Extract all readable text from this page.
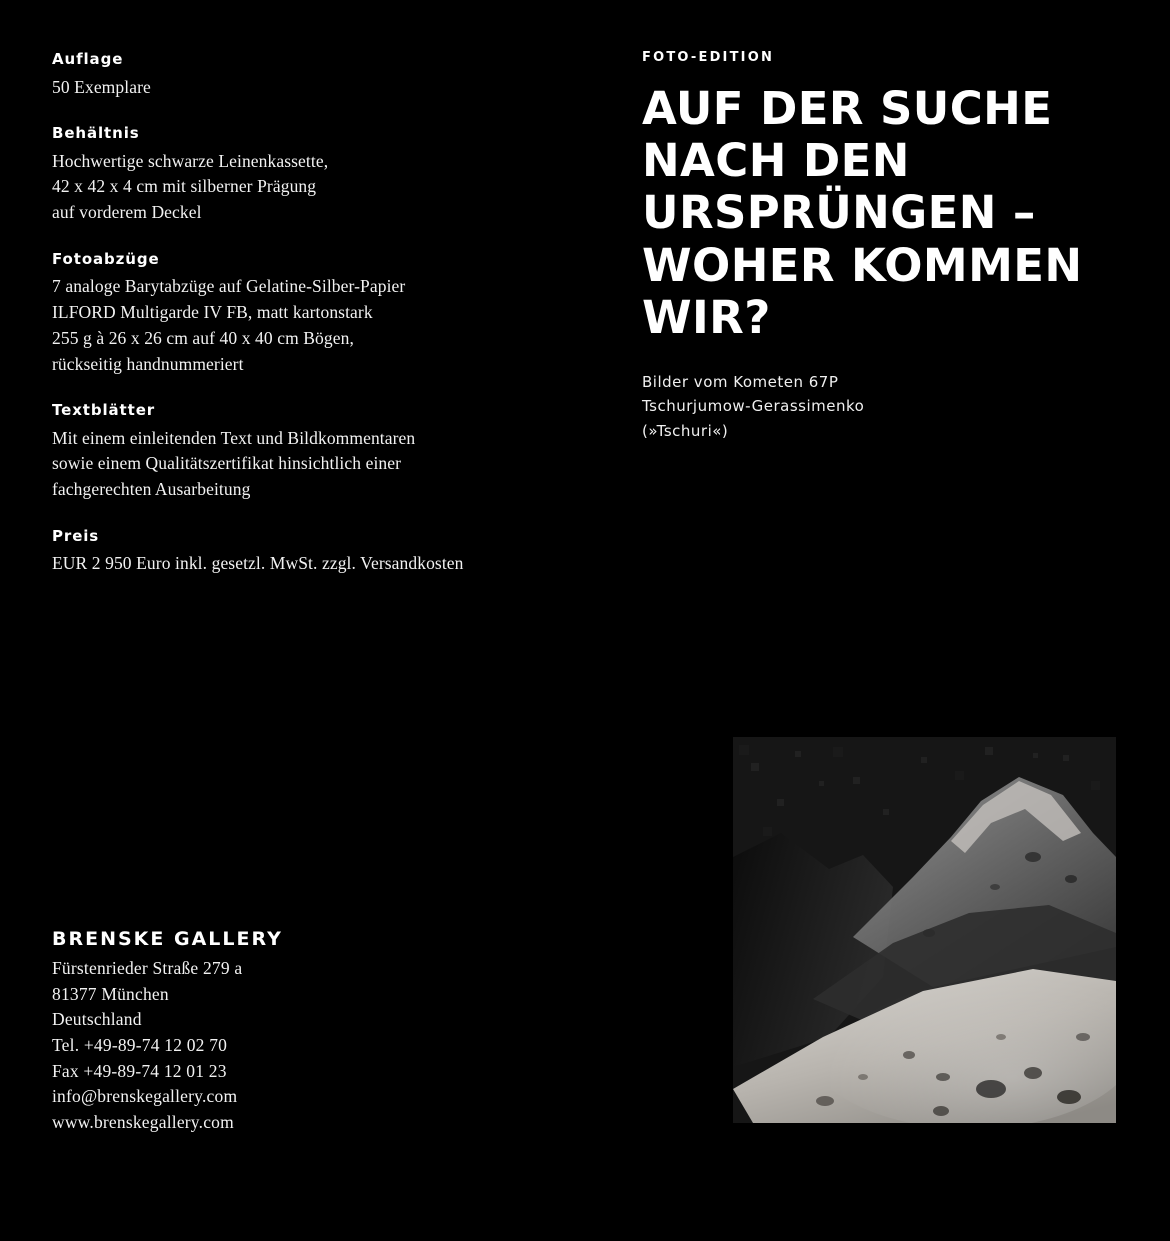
Auflage
50 Exemplare
Behältnis
Hochwertige schwarze Leinenkassette,
42 x 42 x 4 cm mit silberner Prägung
auf vorderem Deckel
Fotoabzüge
7 analoge Barytabzüge auf Gelatine-Silber-Papier
ILFORD Multigarde IV FB, matt kartonstark
255 g à 26 x 26 cm auf 40 x 40 cm Bögen,
rückseitig handnummeriert
Textblätter
Mit einem einleitenden Text und Bildkommentaren
sowie einem Qualitätszertifikat hinsichtlich einer
fachgerechten Ausarbeitung
Preis
EUR 2 950 Euro inkl. gesetzl. MwSt. zzgl. Versandkosten
BRENSKE GALLERY
Fürstenrieder Straße 279 a
81377 München
Deutschland
Tel. +49-89-74 12 02 70
Fax +49-89-74 12 01 23
info@brenskegallery.com
www.brenskegallery.com
FOTO-EDITION
AUF DER SUCHE NACH DEN URSPRÜNGEN – WOHER KOMMEN WIR?
Bilder vom Kometen 67P
Tschurjumow-Gerassimenko
(»Tschuri«)
